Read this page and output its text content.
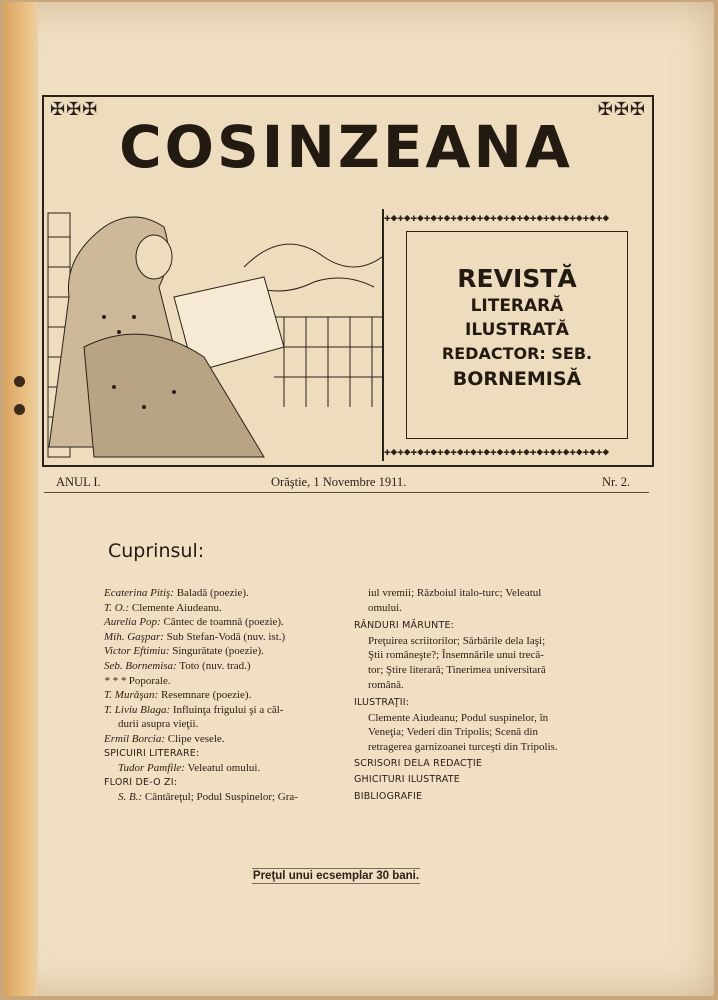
✠✠✠	✠✠✠
COSINZEANA
✚◆✚◆✚◆✚◆✚◆✚◆✚◆✚◆✚◆✚◆✚◆✚◆✚◆✚◆✚◆✚◆✚◆
✚◆✚◆✚◆✚◆✚◆✚◆✚◆✚◆✚◆✚◆✚◆✚◆✚◆✚◆✚◆✚◆✚◆
REVISTĂ
LITERARĂ
ILUSTRATĂ
REDACTOR: SEB.
BORNEMISĂ
ANUL I.	Orăştie, 1 Novembre 1911.	Nr. 2.
Cuprinsul:
Ecaterina Pitiş: Baladă (poezie).
T. O.: Clemente Aiudeanu.
Aurelia Pop: Cântec de toamnă (poezie).
Mih. Gaşpar: Sub Stefan-Vodă (nuv. ist.)
Victor Eftimiu: Singurătate (poezie).
Seb. Bornemisa: Toto (nuv. trad.)
* * * Poporale.
T. Murăşan: Resemnare (poezie).
T. Liviu Blaga: Influinţa frigului şi a căl-
durii asupra vieţii.
Ermil Borcia: Clipe vesele.
SPICUIRI LITERARE:
Tudor Pamfile: Veleatul omului.
FLORI DE-O ZI:
S. B.: Cântăreţul; Podul Suspinelor; Gra-
iul vremii; Războiul italo-turc; Veleatul
omului.
RÂNDURI MĂRUNTE:
Preţuirea scriitorilor; Sărbările dela Iaşi;
Ştii româneşte?; Însemnările unui trecă-
tor; Ştire literară; Tinerimea universitară
română.
ILUSTRAŢII:
Clemente Aiudeanu; Podul suspinelor, în
Veneţia; Vederi din Tripolis; Scenă din
retragerea garnizoanei turceşti din Tripolis.
SCRISORI DELA REDACŢIE
GHICITURI ILUSTRATE
BIBLIOGRAFIE
Preţul unui ecsemplar 30 bani.
